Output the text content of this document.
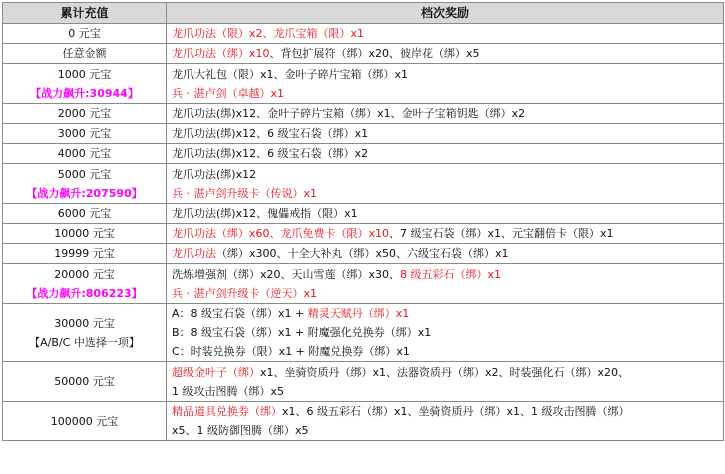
累计充值	档次奖励

0 元宝	龙爪功法（限）x2、龙爪宝箱（限）x1

任意金额	龙爪功法（绑）x10、背包扩展符（绑）x20、彼岸花（绑）x5

1000 元宝
【战力飙升:30944】	龙爪大礼包（限）x1、金叶子碎片宝箱（绑）x1
兵 · 湛卢剑（卓越）x1

2000 元宝	龙爪功法(绑)x12、金叶子碎片宝箱（绑）x1、金叶子宝箱钥匙（绑）x2

3000 元宝	龙爪功法(绑)x12、6 级宝石袋（绑）x1

4000 元宝	龙爪功法(绑)x12、6 级宝石袋（绑）x2

5000 元宝
【战力飙升:207590】	龙爪功法(绑)x12
兵 · 湛卢剑升级卡（传说）x1

6000 元宝	龙爪功法(绑)x12、傀儡戒指（限）x1

10000 元宝	龙爪功法（绑）x60、龙爪免费卡（限）x10、7 级宝石袋（绑）x1、元宝翻倍卡（限）x1

19999 元宝	龙爪功法（绑）x300、十全大补丸（绑）x50、六级宝石袋（绑）x1

20000 元宝
【战力飙升:806223】	洗炼增强剂（绑）x20、天山雪莲（绑）x30、8 级五彩石（绑）x1
兵 · 湛卢剑升级卡（逆天）x1

30000 元宝
【A/B/C 中选择一项】	A：8 级宝石袋（绑）x1 + 精灵天赋丹（绑）x1
B：8 级宝石袋（绑）x1 + 附魔强化兑换券（绑）x1
C：时装兑换券（限）x1 + 附魔兑换券（绑）x1

50000 元宝	超级金叶子（绑）x1、坐骑资质丹（绑）x1、法器资质丹（绑）x2、时装强化石（绑）x20、
1 级攻击图腾（绑）x5

100000 元宝	精品道具兑换券（绑）x1、6 级五彩石（绑）x1、坐骑资质丹（绑）x1、1 级攻击图腾（绑）
x5、1 级防御图腾（绑）x5
